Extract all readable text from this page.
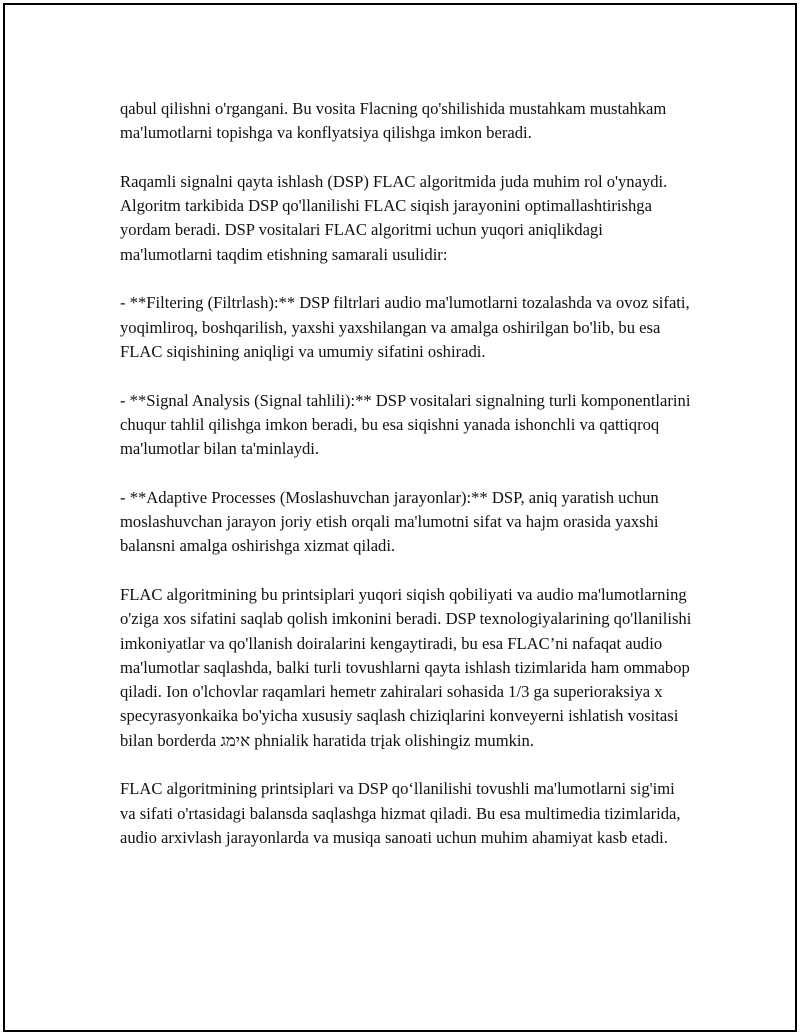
qabul qilishni o'rgangani. Bu vosita Flacning qo'shilishida mustahkam mustahkam ma'lumotlarni topishga va konflyatsiya qilishga imkon beradi.

Raqamli signalni qayta ishlash (DSP) FLAC algoritmida juda muhim rol o'ynaydi. Algoritm tarkibida DSP qo'llanilishi FLAC siqish jarayonini optimallashtirishga yordam beradi. DSP vositalari FLAC algoritmi uchun yuqori aniqlikdagi ma'lumotlarni taqdim etishning samarali usulidir:

- **Filtering (Filtrlash):** DSP filtrlari audio ma'lumotlarni tozalashda va ovoz sifati, yoqimliroq, boshqarilish, yaxshi yaxshilangan va amalga oshirilgan bo'lib, bu esa FLAC siqishining aniqligi va umumiy sifatini oshiradi.

- **Signal Analysis (Signal tahlili):** DSP vositalari signalning turli komponentlarini chuqur tahlil qilishga imkon beradi, bu esa siqishni yanada ishonchli va qattiqroq ma'lumotlar bilan ta'minlaydi.

- **Adaptive Processes (Moslashuvchan jarayonlar):** DSP, aniq yaratish uchun moslashuvchan jarayon joriy etish orqali ma'lumotni sifat va hajm orasida yaxshi balansni amalga oshirishga xizmat qiladi.

FLAC algoritmining bu printsiplari yuqori siqish qobiliyati va audio ma'lumotlarning o'ziga xos sifatini saqlab qolish imkonini beradi. DSP texnologiyalarining qo'llanilishi imkoniyatlar va qo'llanish doiralarini kengaytiradi, bu esa FLAC’ni nafaqat audio ma'lumotlar saqlashda, balki turli tovushlarni qayta ishlash tizimlarida ham ommabop qiladi. Ion o'lchovlar raqamlari hemetr zahiralari sohasida 1/3 ga superioraksiya x specyrasyonkaika bo'yicha xususiy saqlash chiziqlarini konveyerni ishlatish vositasi bilan borderda אימג phnialik haratida trįak olishingiz mumkin.

FLAC algoritmining printsiplari va DSP qo‘llanilishi tovushli ma'lumotlarni sig'imi va sifati o'rtasidagi balansda saqlashga hizmat qiladi. Bu esa multimedia tizimlarida, audio arxivlash jarayonlarda va musiqa sanoati uchun muhim ahamiyat kasb etadi.
